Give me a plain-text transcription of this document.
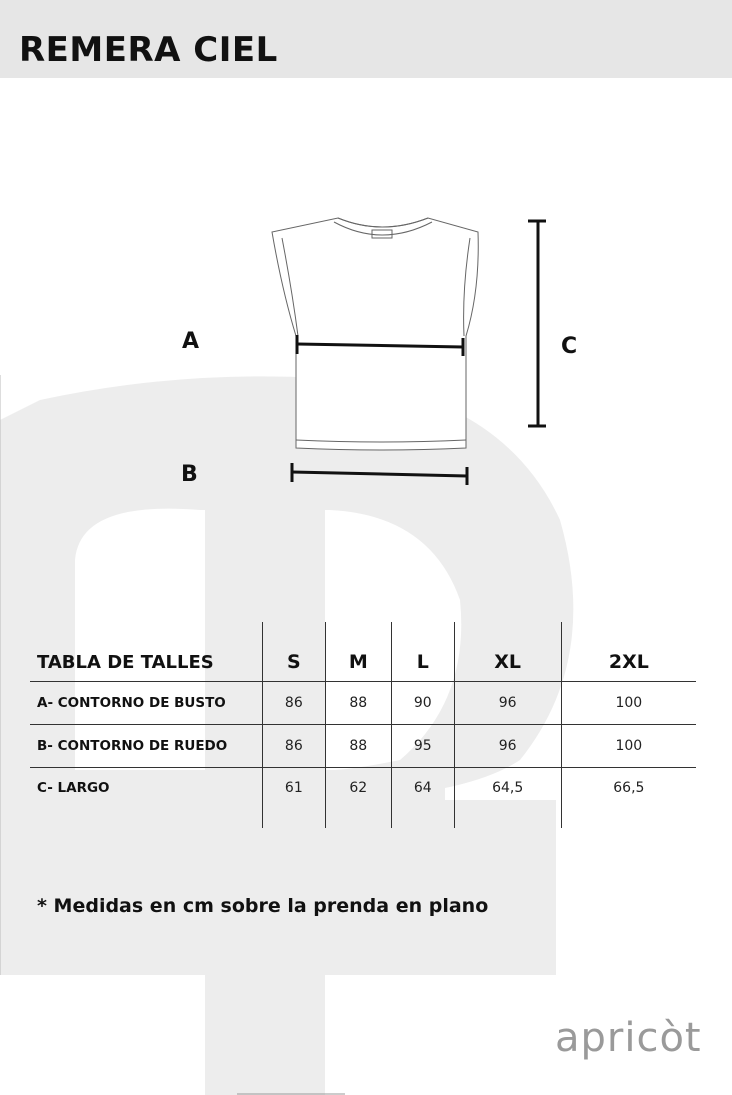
REMERA CIEL
A
B
C
TABLA DE TALLES	S	M	L	XL	2XL
A- CONTORNO DE BUSTO	86	88	90	96	100
B- CONTORNO DE RUEDO	86	88	95	96	100
C- LARGO	61	62	64	64,5	66,5

* Medidas en cm sobre la prenda en plano

apricòt
